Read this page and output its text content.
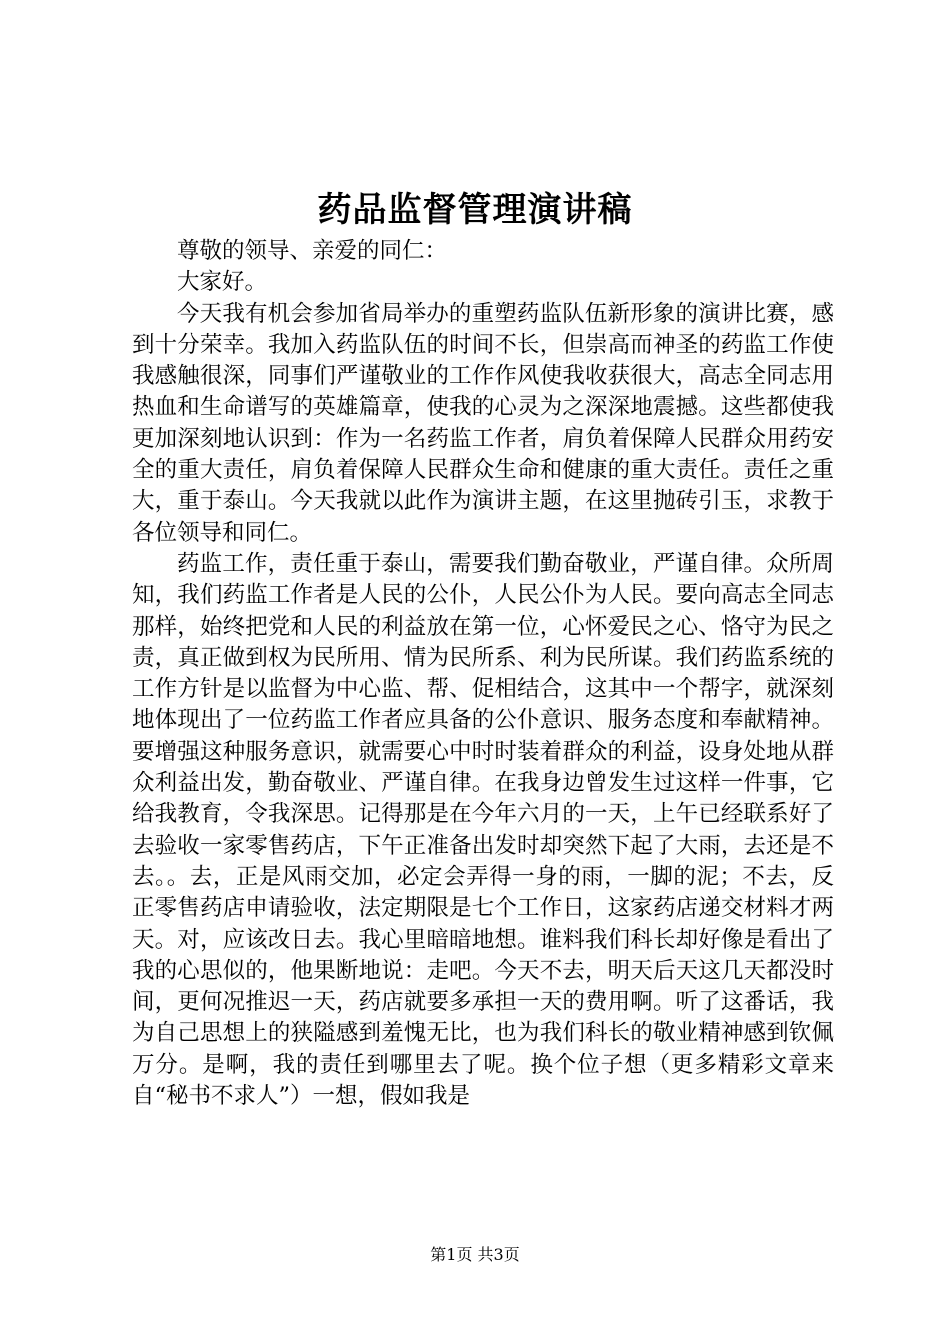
药品监督管理演讲稿

尊敬的领导、亲爱的同仁：

大家好。

今天我有机会参加省局举办的重塑药监队伍新形象的演讲比赛，感到十分荣幸。我加入药监队伍的时间不长，但崇高而神圣的药监工作使我感触很深，同事们严谨敬业的工作作风使我收获很大，高志全同志用热血和生命谱写的英雄篇章，使我的心灵为之深深地震撼。这些都使我更加深刻地认识到：作为一名药监工作者，肩负着保障人民群众用药安全的重大责任，肩负着保障人民群众生命和健康的重大责任。责任之重大，重于泰山。今天我就以此作为演讲主题，在这里抛砖引玉，求教于各位领导和同仁。

药监工作，责任重于泰山，需要我们勤奋敬业，严谨自律。众所周知，我们药监工作者是人民的公仆，人民公仆为人民。要向高志全同志那样，始终把党和人民的利益放在第一位，心怀爱民之心、恪守为民之责，真正做到权为民所用、情为民所系、利为民所谋。我们药监系统的工作方针是以监督为中心监、帮、促相结合，这其中一个帮字，就深刻地体现出了一位药监工作者应具备的公仆意识、服务态度和奉献精神。要增强这种服务意识，就需要心中时时装着群众的利益，设身处地从群众利益出发，勤奋敬业、严谨自律。在我身边曾发生过这样一件事，它给我教育，令我深思。记得那是在今年六月的一天，上午已经联系好了去验收一家零售药店，下午正准备出发时却突然下起了大雨，去还是不去。。去，正是风雨交加，必定会弄得一身的雨，一脚的泥；不去，反正零售药店申请验收，法定期限是七个工作日，这家药店递交材料才两天。对，应该改日去。我心里暗暗地想。谁料我们科长却好像是看出了我的心思似的，他果断地说：走吧。今天不去，明天后天这几天都没时间，更何况推迟一天，药店就要多承担一天的费用啊。听了这番话，我为自己思想上的狭隘感到羞愧无比，也为我们科长的敬业精神感到钦佩万分。是啊，我的责任到哪里去了呢。换个位子想（更多精彩文章来自“秘书不求人”）一想，假如我是

第1页 共3页
